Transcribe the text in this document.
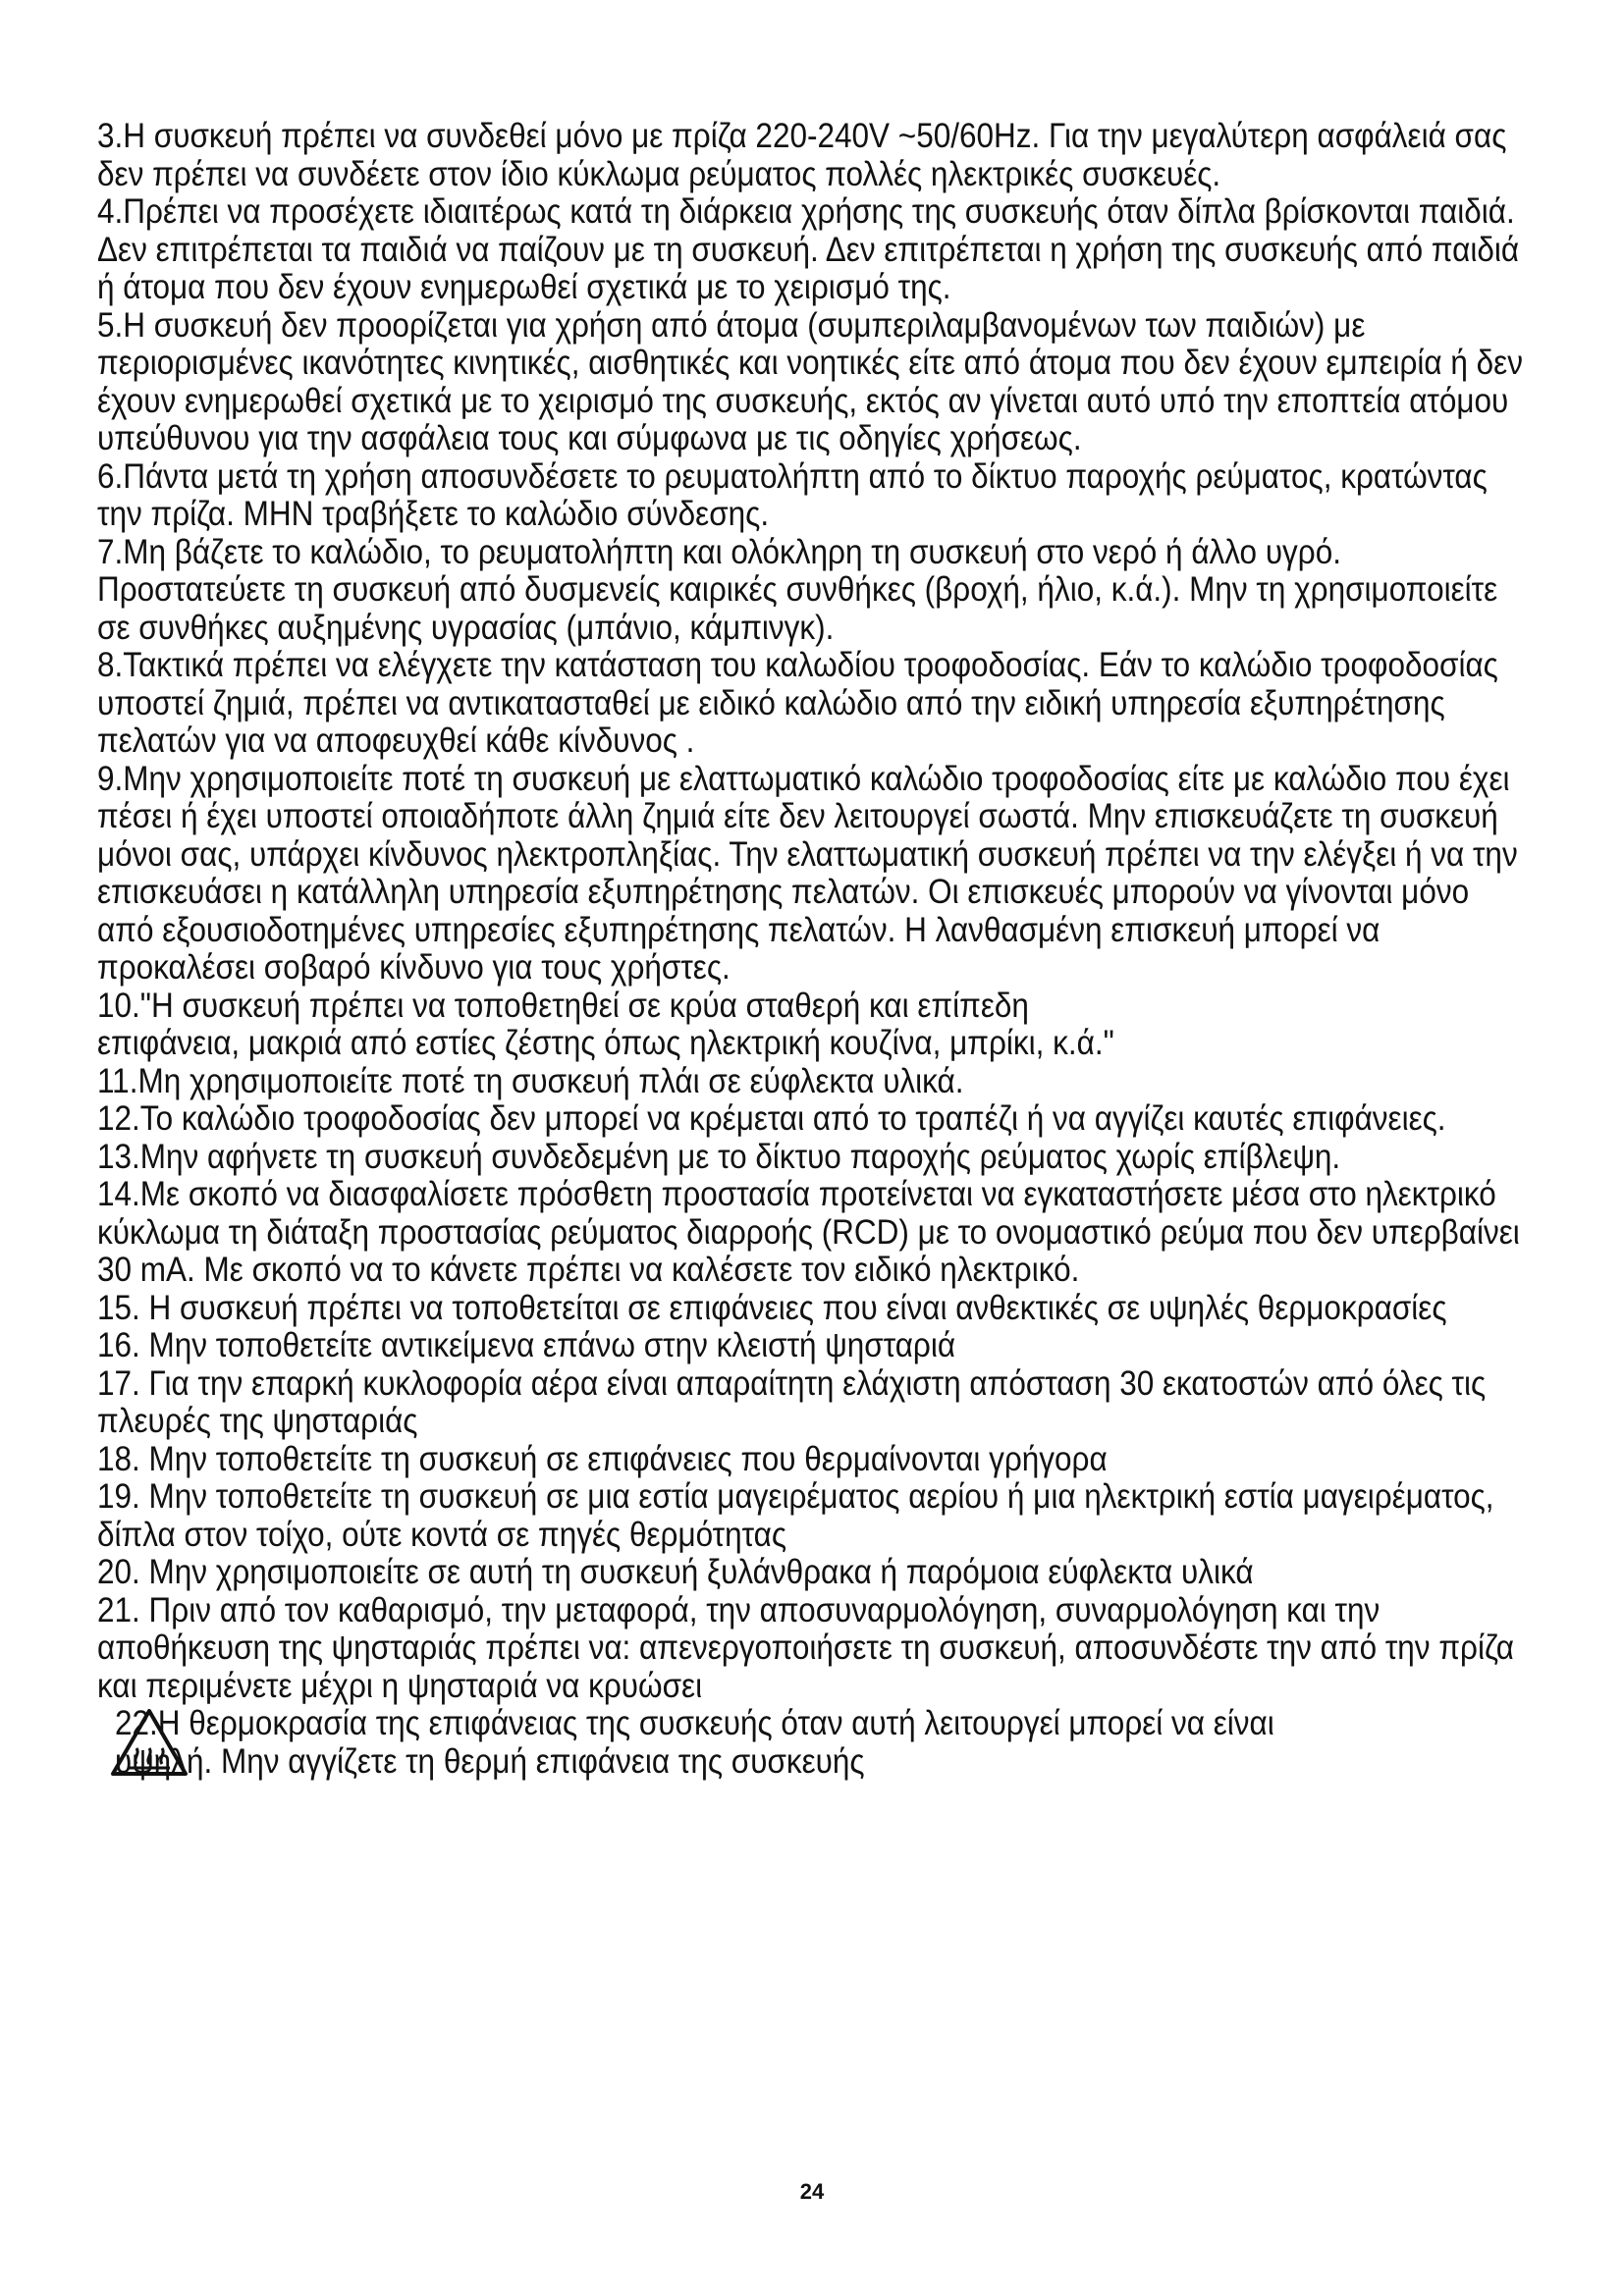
3.Η συσκευή πρέπει να συνδεθεί μόνο με πρίζα 220-240V ~50/60Hz. Για την μεγαλύτερη ασφάλειά σας δεν πρέπει να συνδέετε στον ίδιο κύκλωμα ρεύματος πολλές ηλεκτρικές συσκευές.

4.Πρέπει να προσέχετε ιδιαιτέρως κατά τη διάρκεια χρήσης της συσκευής όταν δίπλα βρίσκονται παιδιά. Δεν επιτρέπεται τα παιδιά να παίζουν με τη συσκευή. Δεν επιτρέπεται η χρήση της συσκευής από παιδιά ή άτομα που δεν έχουν ενημερωθεί σχετικά με το χειρισμό της.

5.Η συσκευή δεν προορίζεται για χρήση από άτομα (συμπεριλαμβανομένων των παιδιών) με περιορισμένες ικανότητες κινητικές, αισθητικές και νοητικές είτε από άτομα που δεν έχουν εμπειρία ή δεν έχουν ενημερωθεί σχετικά με το χειρισμό της συσκευής, εκτός αν γίνεται αυτό υπό την εποπτεία ατόμου υπεύθυνου για την ασφάλεια τους και σύμφωνα με τις οδηγίες χρήσεως.

6.Πάντα μετά τη χρήση αποσυνδέσετε το ρευματολήπτη από το δίκτυο παροχής ρεύματος, κρατώντας την πρίζα. ΜΗΝ τραβήξετε το καλώδιο σύνδεσης.

7.Μη βάζετε το καλώδιο, το ρευματολήπτη και ολόκληρη τη συσκευή στο νερό ή άλλο υγρό. Προστατεύετε τη συσκευή από δυσμενείς καιρικές συνθήκες (βροχή, ήλιο, κ.ά.). Μην τη χρησιμοποιείτε σε συνθήκες αυξημένης υγρασίας (μπάνιο, κάμπινγκ).

8.Τακτικά πρέπει να ελέγχετε την κατάσταση του καλωδίου τροφοδοσίας. Εάν το καλώδιο τροφοδοσίας υποστεί ζημιά, πρέπει να αντικατασταθεί με ειδικό καλώδιο από την ειδική υπηρεσία εξυπηρέτησης πελατών για να αποφευχθεί κάθε κίνδυνος .

9.Μην χρησιμοποιείτε ποτέ τη συσκευή με ελαττωματικό καλώδιο τροφοδοσίας είτε με καλώδιο που έχει πέσει ή έχει υποστεί οποιαδήποτε άλλη ζημιά είτε δεν λειτουργεί σωστά. Μην επισκευάζετε τη συσκευή μόνοι σας, υπάρχει κίνδυνος ηλεκτροπληξίας. Την ελαττωματική συσκευή πρέπει να την ελέγξει ή να την επισκευάσει η κατάλληλη υπηρεσία εξυπηρέτησης πελατών. Οι επισκευές μπορούν να γίνονται μόνο από εξουσιοδοτημένες υπηρεσίες εξυπηρέτησης πελατών. Η λανθασμένη επισκευή μπορεί να προκαλέσει σοβαρό κίνδυνο για τους χρήστες.

10."Η συσκευή πρέπει να τοποθετηθεί σε κρύα σταθερή και επίπεδη
επιφάνεια, μακριά από εστίες ζέστης όπως ηλεκτρική κουζίνα, μπρίκι, κ.ά."

11.Μη χρησιμοποιείτε ποτέ τη συσκευή πλάι σε εύφλεκτα υλικά.

12.Το καλώδιο τροφοδοσίας δεν μπορεί να κρέμεται από το τραπέζι ή να αγγίζει καυτές επιφάνειες.

13.Μην αφήνετε τη συσκευή συνδεδεμένη με το δίκτυο παροχής ρεύματος χωρίς επίβλεψη.

14.Με σκοπό να διασφαλίσετε πρόσθετη προστασία προτείνεται να εγκαταστήσετε μέσα στο ηλεκτρικό κύκλωμα τη διάταξη προστασίας ρεύματος διαρροής (RCD) με το ονομαστικό ρεύμα που δεν υπερβαίνει 30 mA. Με σκοπό να το κάνετε πρέπει να καλέσετε τον ειδικό ηλεκτρικό.

15. Η συσκευή πρέπει να τοποθετείται σε επιφάνειες που είναι ανθεκτικές σε υψηλές θερμοκρασίες

16. Μην τοποθετείτε αντικείμενα επάνω στην κλειστή ψησταριά

17. Για την επαρκή κυκλοφορία αέρα είναι απαραίτητη ελάχιστη απόσταση 30 εκατοστών από όλες τις πλευρές της ψησταριάς

18. Μην τοποθετείτε τη συσκευή σε επιφάνειες που θερμαίνονται γρήγορα

19. Μην τοποθετείτε τη συσκευή σε μια εστία μαγειρέματος αερίου ή μια ηλεκτρική εστία μαγειρέματος, δίπλα στον τοίχο, ούτε κοντά σε πηγές θερμότητας

20. Μην χρησιμοποιείτε σε αυτή τη συσκευή ξυλάνθρακα ή παρόμοια εύφλεκτα υλικά

21. Πριν από τον καθαρισμό, την μεταφορά, την αποσυναρμολόγηση, συναρμολόγηση και την αποθήκευση της ψησταριάς πρέπει να: απενεργοποιήσετε τη συσκευή, αποσυνδέστε την από την πρίζα και περιμένετε μέχρι η ψησταριά να κρυώσει

22.Η θερμοκρασία της επιφάνειας της συσκευής όταν αυτή λειτουργεί μπορεί να είναι υψηλή. Μην αγγίζετε τη θερμή επιφάνεια της συσκευής

24
